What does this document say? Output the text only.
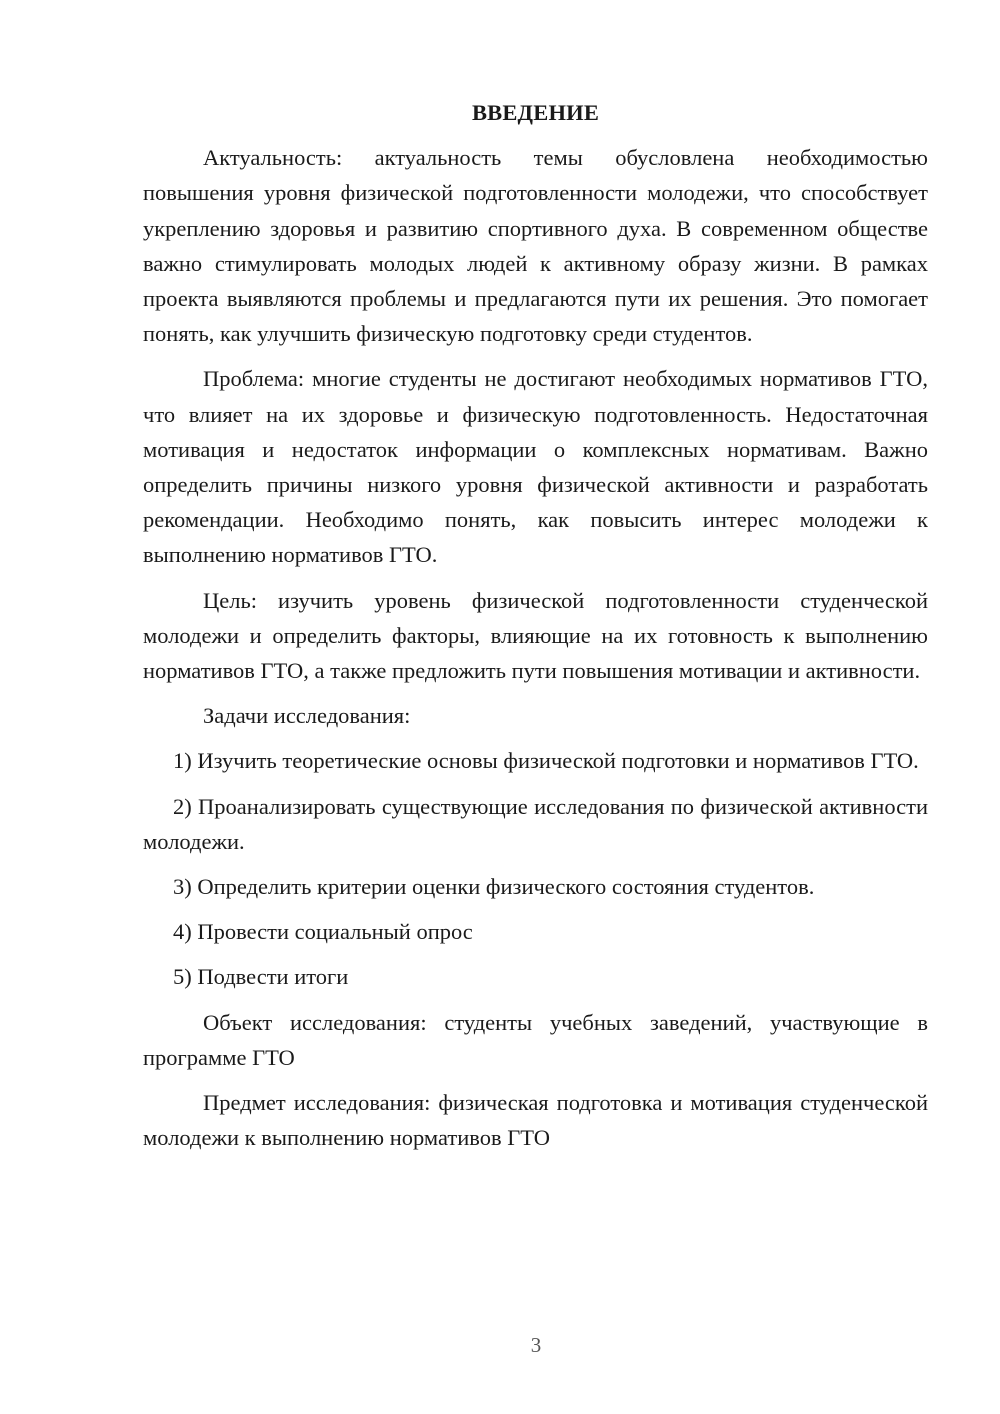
ВВЕДЕНИЕ

Актуальность: актуальность темы обусловлена необходимостью повышения уровня физической подготовленности молодежи, что способствует укреплению здоровья и развитию спортивного духа. В современном обществе важно стимулировать молодых людей к активному образу жизни. В рамках проекта выявляются проблемы и предлагаются пути их решения. Это помогает понять, как улучшить физическую подготовку среди студентов.

Проблема: многие студенты не достигают необходимых нормативов ГТО, что влияет на их здоровье и физическую подготовленность. Недостаточная мотивация и недостаток информации о комплексных нормативам. Важно определить причины низкого уровня физической активности и разработать рекомендации. Необходимо понять, как повысить интерес молодежи к выполнению нормативов ГТО.

Цель: изучить уровень физической подготовленности студенческой молодежи и определить факторы, влияющие на их готовность к выполнению нормативов ГТО, а также предложить пути повышения мотивации и активности.

Задачи исследования:

1) Изучить теоретические основы физической подготовки и нормативов ГТО.

2) Проанализировать существующие исследования по физической активности молодежи.

3) Определить критерии оценки физического состояния студентов.

4) Провести социальный опрос

5) Подвести итоги

Объект исследования: студенты учебных заведений, участвующие в программе ГТО

Предмет исследования: физическая подготовка и мотивация студенческой молодежи к выполнению нормативов ГТО

3
